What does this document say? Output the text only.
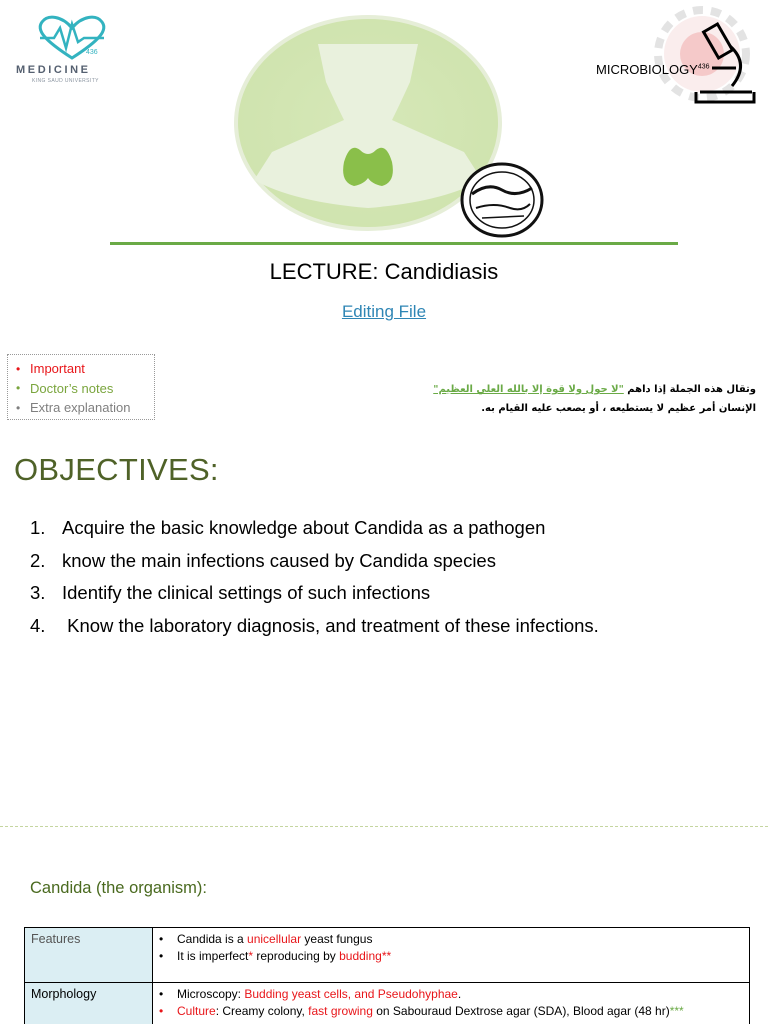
436
MEDICINE
KING SAUD UNIVERSITY
MICROBIOLOGY$^{436}$
LECTURE: Candidiasis
Editing File
• Important
• Doctor’s notes
• Extra explanation
وتقال هذه الجملة إذا داهم "لا حول ولا قوة إلا بالله العلي العظيم"
الإنسان أمر عظيم لا يستطيعه ، أو يصعب عليه القيام به.
OBJECTIVES:
1. Acquire the basic knowledge about Candida as a pathogen
2. know the main infections caused by Candida species
3. Identify the clinical settings of such infections
4. Know the laboratory diagnosis, and treatment of these infections.
Candida (the organism):
Features	• Candida is a unicellular yeast fungus
• It is imperfect* reproducing by budding**

Morphology	• Microscopy: Budding yeast cells, and Pseudohyphae.
• Culture: Creamy colony, fast growing on Sabouraud Dextrose agar (SDA), Blood agar (48 hr)***
